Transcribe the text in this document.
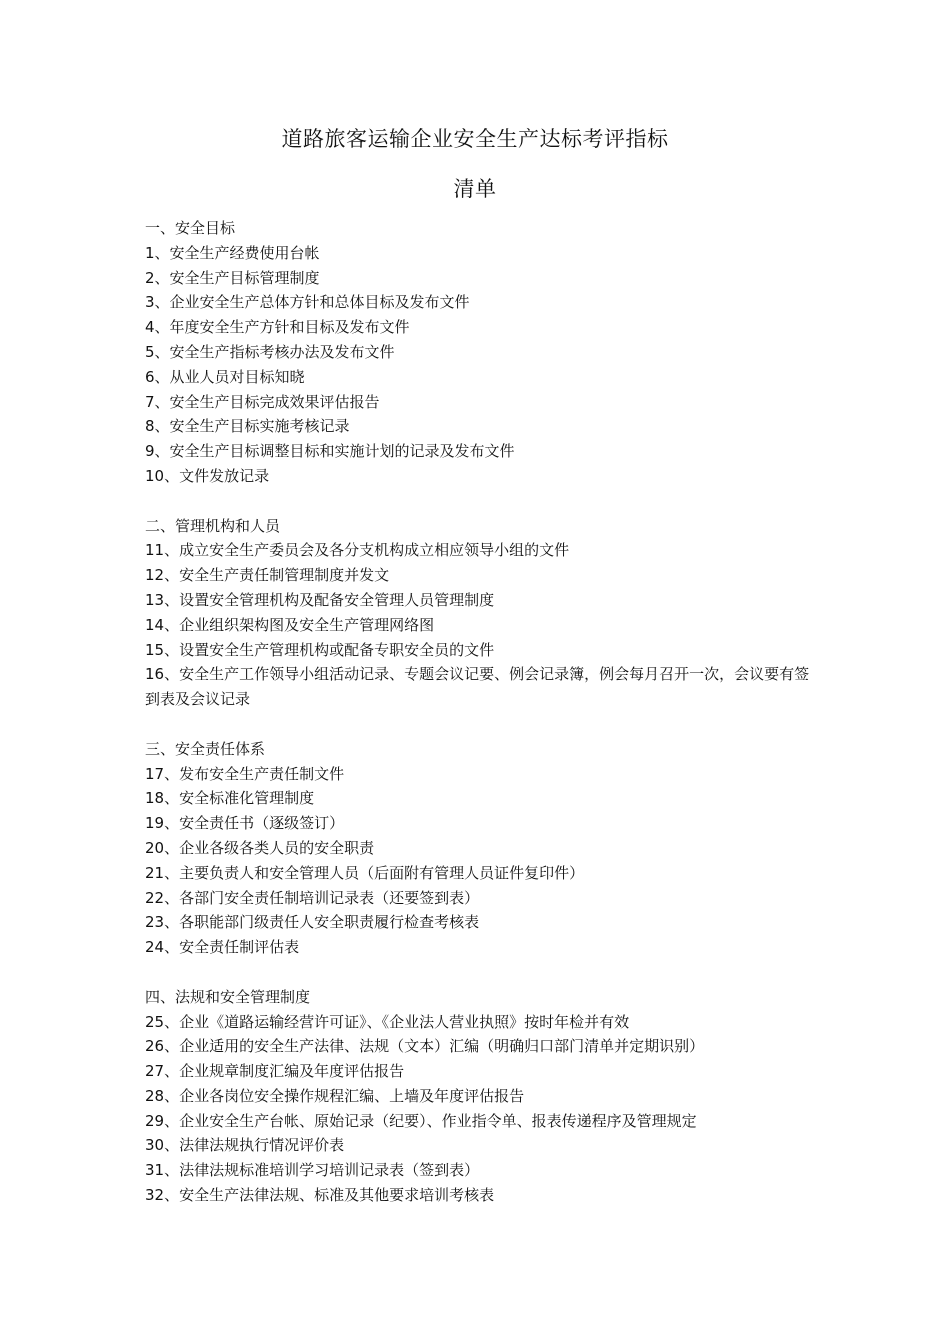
道路旅客运输企业安全生产达标考评指标
清单
一、安全目标
1、安全生产经费使用台帐
2、安全生产目标管理制度
3、企业安全生产总体方针和总体目标及发布文件
4、年度安全生产方针和目标及发布文件
5、安全生产指标考核办法及发布文件
6、从业人员对目标知晓
7、安全生产目标完成效果评估报告
8、安全生产目标实施考核记录
9、安全生产目标调整目标和实施计划的记录及发布文件
10、文件发放记录
二、管理机构和人员
11、成立安全生产委员会及各分支机构成立相应领导小组的文件
12、安全生产责任制管理制度并发文
13、设置安全管理机构及配备安全管理人员管理制度
14、企业组织架构图及安全生产管理网络图
15、设置安全生产管理机构或配备专职安全员的文件
16、安全生产工作领导小组活动记录、专题会议记要、例会记录簿，例会每月召开一次，会议要有签到表及会议记录
三、安全责任体系
17、发布安全生产责任制文件
18、安全标准化管理制度
19、安全责任书（逐级签订）
20、企业各级各类人员的安全职责
21、主要负责人和安全管理人员（后面附有管理人员证件复印件）
22、各部门安全责任制培训记录表（还要签到表）
23、各职能部门级责任人安全职责履行检查考核表
24、安全责任制评估表
四、法规和安全管理制度
25、企业《道路运输经营许可证》、《企业法人营业执照》按时年检并有效
26、企业适用的安全生产法律、法规（文本）汇编（明确归口部门清单并定期识别）
27、企业规章制度汇编及年度评估报告
28、企业各岗位安全操作规程汇编、上墙及年度评估报告
29、企业安全生产台帐、原始记录（纪要）、作业指令单、报表传递程序及管理规定
30、法律法规执行情况评价表
31、法律法规标准培训学习培训记录表（签到表）
32、安全生产法律法规、标准及其他要求培训考核表
